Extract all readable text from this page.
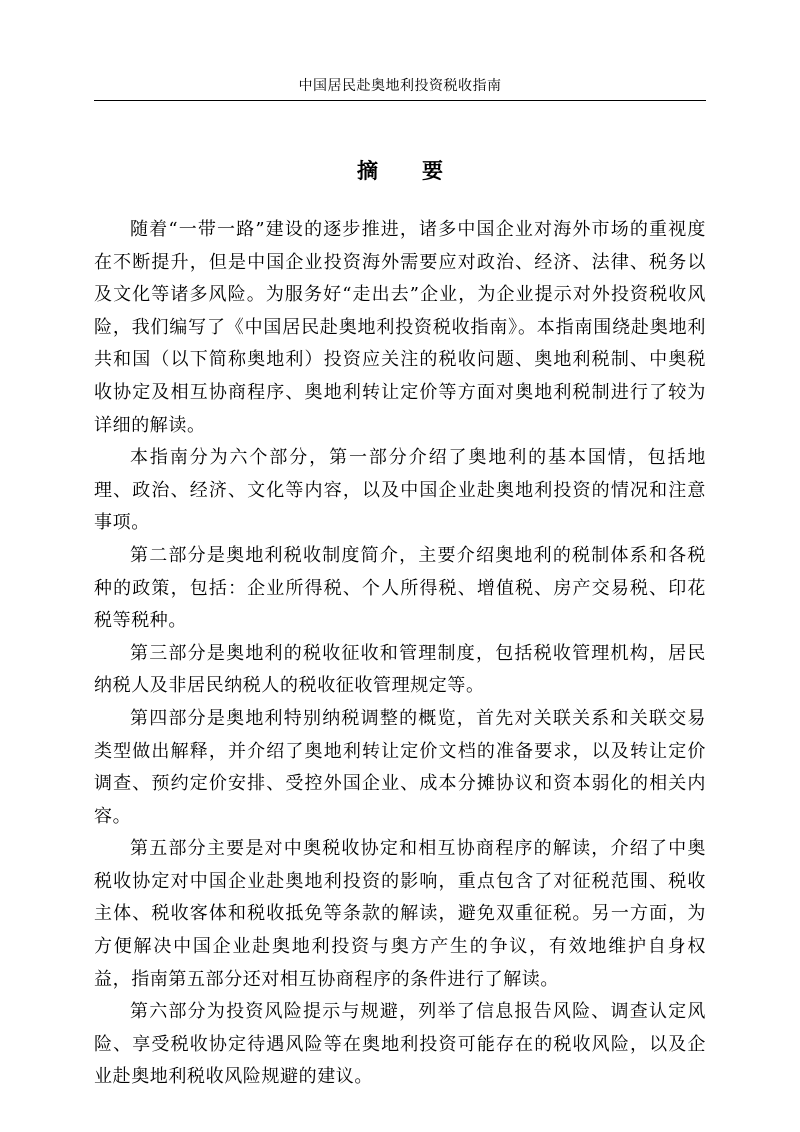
中国居民赴奥地利投资税收指南
摘 要

随着“一带一路”建设的逐步推进，诸多中国企业对海外市场的重视度在不断提升，但是中国企业投资海外需要应对政治、经济、法律、税务以及文化等诸多风险。为服务好“走出去”企业，为企业提示对外投资税收风险，我们编写了《中国居民赴奥地利投资税收指南》。本指南围绕赴奥地利共和国（以下简称奥地利）投资应关注的税收问题、奥地利税制、中奥税收协定及相互协商程序、奥地利转让定价等方面对奥地利税制进行了较为详细的解读。

本指南分为六个部分，第一部分介绍了奥地利的基本国情，包括地理、政治、经济、文化等内容，以及中国企业赴奥地利投资的情况和注意事项。

第二部分是奥地利税收制度简介，主要介绍奥地利的税制体系和各税种的政策，包括：企业所得税、个人所得税、增值税、房产交易税、印花税等税种。

第三部分是奥地利的税收征收和管理制度，包括税收管理机构，居民纳税人及非居民纳税人的税收征收管理规定等。

第四部分是奥地利特别纳税调整的概览，首先对关联关系和关联交易类型做出解释，并介绍了奥地利转让定价文档的准备要求，以及转让定价调查、预约定价安排、受控外国企业、成本分摊协议和资本弱化的相关内容。

第五部分主要是对中奥税收协定和相互协商程序的解读，介绍了中奥税收协定对中国企业赴奥地利投资的影响，重点包含了对征税范围、税收主体、税收客体和税收抵免等条款的解读，避免双重征税。另一方面，为方便解决中国企业赴奥地利投资与奥方产生的争议，有效地维护自身权益，指南第五部分还对相互协商程序的条件进行了解读。

第六部分为投资风险提示与规避，列举了信息报告风险、调查认定风险、享受税收协定待遇风险等在奥地利投资可能存在的税收风险，以及企业赴奥地利税收风险规避的建议。
